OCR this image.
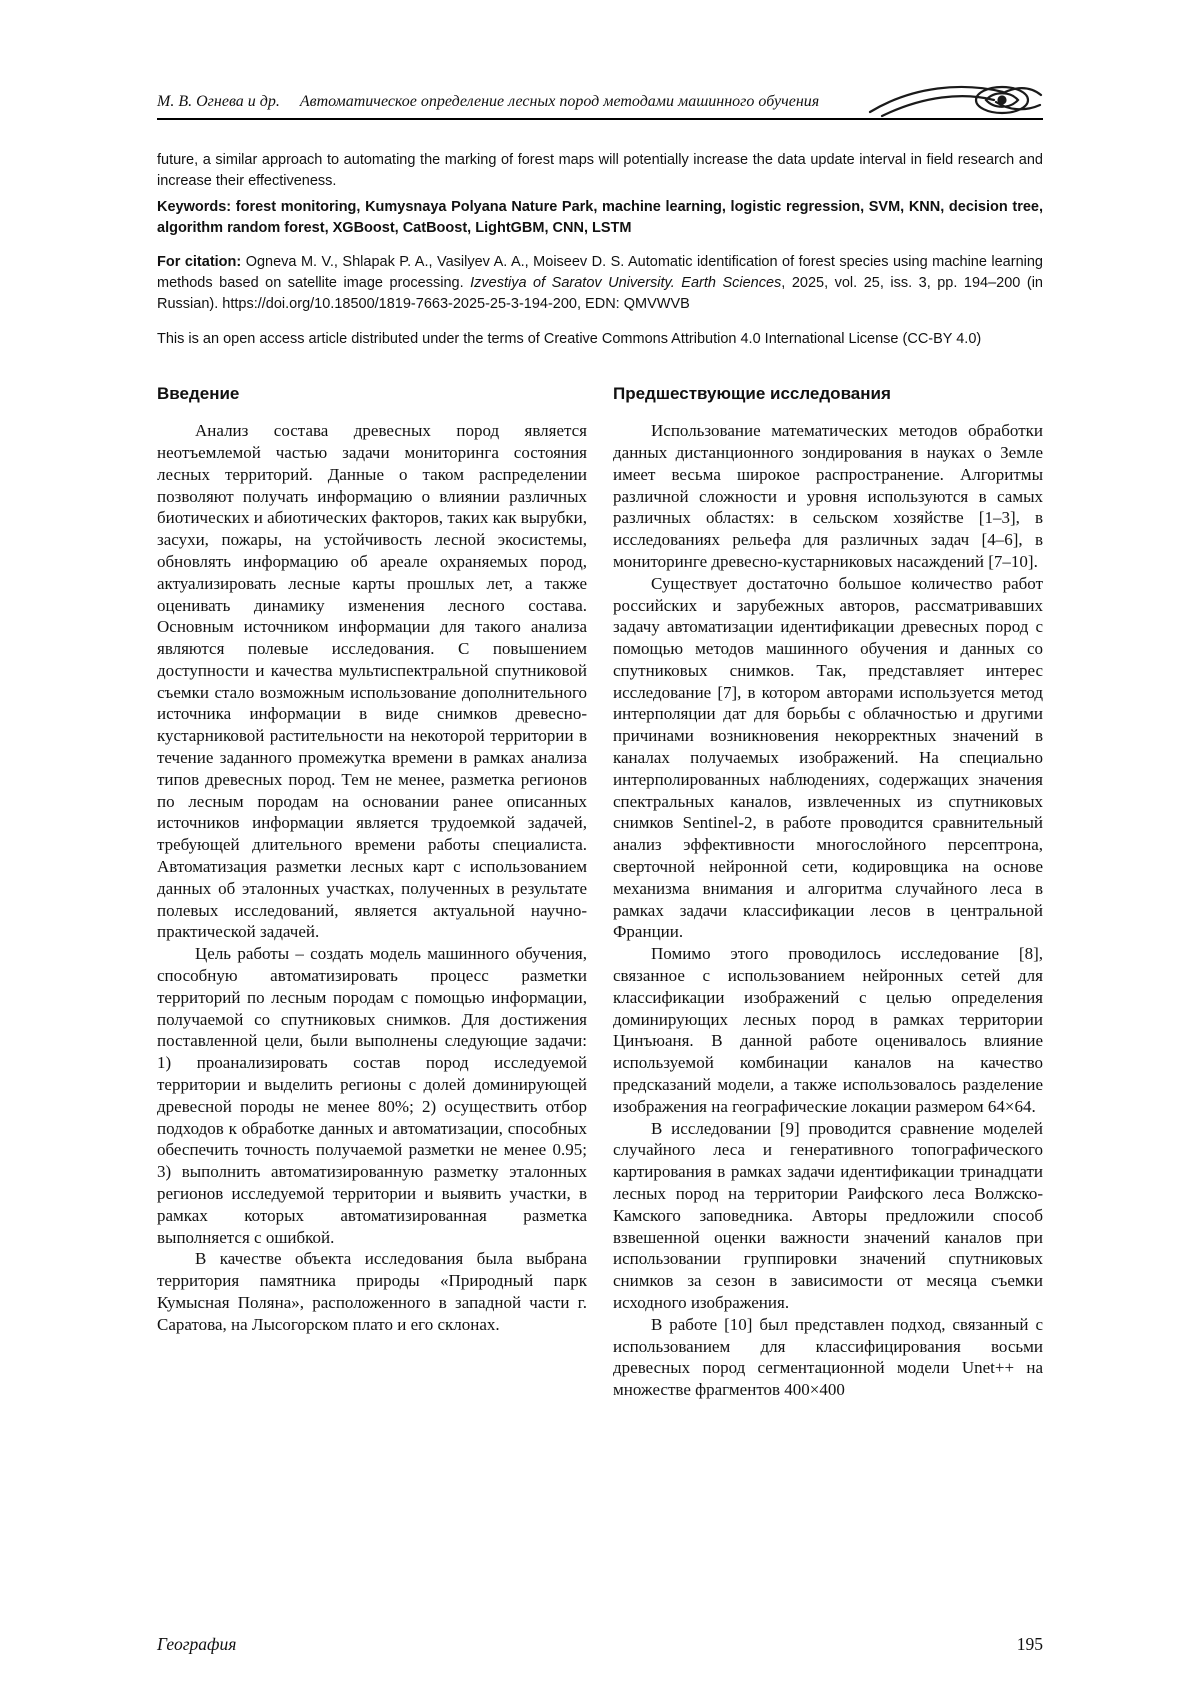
М. В. Огнева и др. Автоматическое определение лесных пород методами машинного обучения

future, a similar approach to automating the marking of forest maps will potentially increase the data update interval in field research and increase their effectiveness.

Keywords: forest monitoring, Kumysnaya Polyana Nature Park, machine learning, logistic regression, SVM, KNN, decision tree, algorithm random forest, XGBoost, CatBoost, LightGBM, CNN, LSTM

For citation: Ogneva M. V., Shlapak P. A., Vasilyev A. A., Moiseev D. S. Automatic identification of forest species using machine learning methods based on satellite image processing. Izvestiya of Saratov University. Earth Sciences, 2025, vol. 25, iss. 3, pp. 194–200 (in Russian). https://doi.org/10.18500/1819-7663-2025-25-3-194-200, EDN: QMVWVB

This is an open access article distributed under the terms of Creative Commons Attribution 4.0 International License (CC-BY 4.0)

Введение

Анализ состава древесных пород является неотъемлемой частью задачи мониторинга состояния лесных территорий. Данные о таком распределении позволяют получать информацию о влиянии различных биотических и абиотических факторов, таких как вырубки, засухи, пожары, на устойчивость лесной экосистемы, обновлять информацию об ареале охраняемых пород, актуализировать лесные карты прошлых лет, а также оценивать динамику изменения лесного состава. Основным источником информации для такого анализа являются полевые исследования. С повышением доступности и качества мультиспектральной спутниковой съемки стало возможным использование дополнительного источника информации в виде снимков древесно-кустарниковой растительности на некоторой территории в течение заданного промежутка времени в рамках анализа типов древесных пород. Тем не менее, разметка регионов по лесным породам на основании ранее описанных источников информации является трудоемкой задачей, требующей длительного времени работы специалиста. Автоматизация разметки лесных карт с использованием данных об эталонных участках, полученных в результате полевых исследований, является актуальной научно-практической задачей.

Цель работы – создать модель машинного обучения, способную автоматизировать процесс разметки территорий по лесным породам с помощью информации, получаемой со спутниковых снимков. Для достижения поставленной цели, были выполнены следующие задачи: 1) проанализировать состав пород исследуемой территории и выделить регионы с долей доминирующей древесной породы не менее 80%; 2) осуществить отбор подходов к обработке данных и автоматизации, способных обеспечить точность получаемой разметки не менее 0.95; 3) выполнить автоматизированную разметку эталонных регионов исследуемой территории и выявить участки, в рамках которых автоматизированная разметка выполняется с ошибкой.

В качестве объекта исследования была выбрана территория памятника природы «Природный парк Кумысная Поляна», расположенного в западной части г. Саратова, на Лысогорском плато и его склонах.

Предшествующие исследования

Использование математических методов обработки данных дистанционного зондирования в науках о Земле имеет весьма широкое распространение. Алгоритмы различной сложности и уровня используются в самых различных областях: в сельском хозяйстве [1–3], в исследованиях рельефа для различных задач [4–6], в мониторинге древесно-кустарниковых насаждений [7–10].

Существует достаточно большое количество работ российских и зарубежных авторов, рассматривавших задачу автоматизации идентификации древесных пород с помощью методов машинного обучения и данных со спутниковых снимков. Так, представляет интерес исследование [7], в котором авторами используется метод интерполяции дат для борьбы с облачностью и другими причинами возникновения некорректных значений в каналах получаемых изображений. На специально интерполированных наблюдениях, содержащих значения спектральных каналов, извлеченных из спутниковых снимков Sentinel-2, в работе проводится сравнительный анализ эффективности многослойного персептрона, сверточной нейронной сети, кодировщика на основе механизма внимания и алгоритма случайного леса в рамках задачи классификации лесов в центральной Франции.

Помимо этого проводилось исследование [8], связанное с использованием нейронных сетей для классификации изображений с целью определения доминирующих лесных пород в рамках территории Цинъюаня. В данной работе оценивалось влияние используемой комбинации каналов на качество предсказаний модели, а также использовалось разделение изображения на географические локации размером 64×64.

В исследовании [9] проводится сравнение моделей случайного леса и генеративного топографического картирования в рамках задачи идентификации тринадцати лесных пород на территории Раифского леса Волжско-Камского заповедника. Авторы предложили способ взвешенной оценки важности значений каналов при использовании группировки значений спутниковых снимков за сезон в зависимости от месяца съемки исходного изображения.

В работе [10] был представлен подход, связанный с использованием для классифицирования восьми древесных пород сегментационной модели Unet++ на множестве фрагментов 400×400

География	195
